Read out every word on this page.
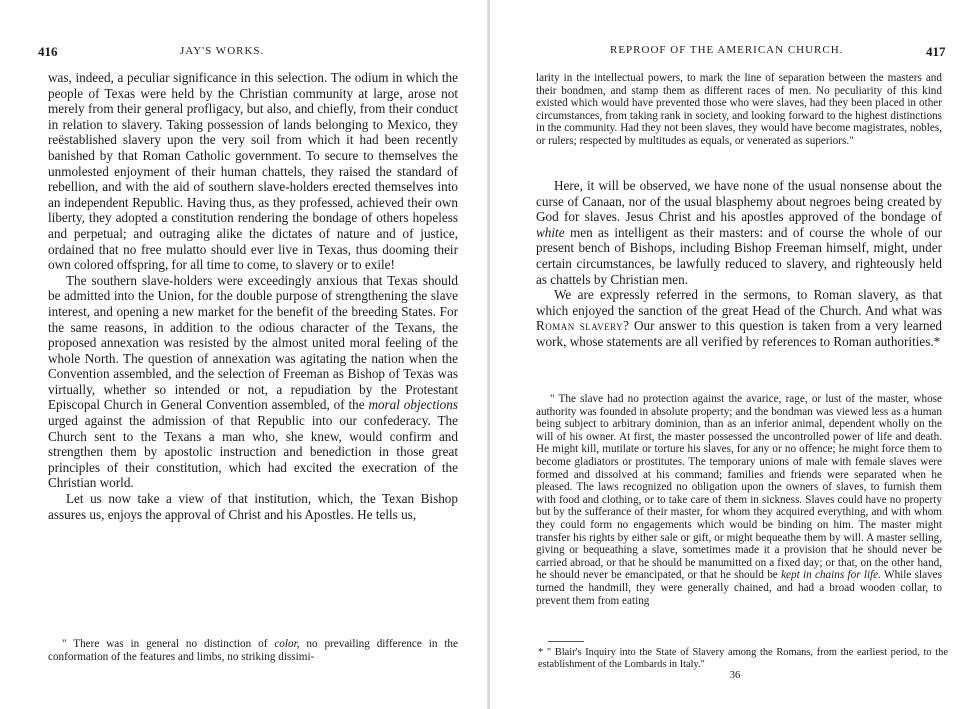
416	JAY'S WORKS.

was, indeed, a peculiar significance in this selection. The odium in which the people of Texas were held by the Christian community at large, arose not merely from their general profligacy, but also, and chiefly, from their conduct in relation to slavery. Taking possession of lands belonging to Mexico, they reëstablished slavery upon the very soil from which it had been recently banished by that Roman Catholic government. To secure to themselves the unmolested enjoyment of their human chattels, they raised the standard of rebellion, and with the aid of southern slave-holders erected themselves into an independent Republic. Having thus, as they professed, achieved their own liberty, they adopted a constitution rendering the bondage of others hopeless and perpetual; and outraging alike the dictates of nature and of justice, ordained that no free mulatto should ever live in Texas, thus dooming their own colored offspring, for all time to come, to slavery or to exile!

The southern slave-holders were exceedingly anxious that Texas should be admitted into the Union, for the double purpose of strengthening the slave interest, and opening a new market for the benefit of the breeding States. For the same reasons, in addition to the odious character of the Texans, the proposed annexation was resisted by the almost united moral feeling of the whole North. The question of annexation was agitating the nation when the Convention assembled, and the selection of Freeman as Bishop of Texas was virtually, whether so intended or not, a repudiation by the Protestant Episcopal Church in General Convention assembled, of the moral objections urged against the admission of that Republic into our confederacy. The Church sent to the Texans a man who, she knew, would confirm and strengthen them by apostolic instruction and benediction in those great principles of their constitution, which had excited the execration of the Christian world.

Let us now take a view of that institution, which, the Texan Bishop assures us, enjoys the approval of Christ and his Apostles. He tells us,

" There was in general no distinction of color, no prevailing difference in the conformation of the features and limbs, no striking dissimi-

REPROOF OF THE AMERICAN CHURCH.	417

larity in the intellectual powers, to mark the line of separation between the masters and their bondmen, and stamp them as different races of men. No peculiarity of this kind existed which would have prevented those who were slaves, had they been placed in other circumstances, from taking rank in society, and looking forward to the highest distinctions in the community. Had they not been slaves, they would have become magistrates, nobles, or rulers; respected by multitudes as equals, or venerated as superiors."

Here, it will be observed, we have none of the usual nonsense about the curse of Canaan, nor of the usual blasphemy about negroes being created by God for slaves. Jesus Christ and his apostles approved of the bondage of white men as intelligent as their masters: and of course the whole of our present bench of Bishops, including Bishop Freeman himself, might, under certain circumstances, be lawfully reduced to slavery, and righteously held as chattels by Christian men.

We are expressly referred in the sermons, to Roman slavery, as that which enjoyed the sanction of the great Head of the Church. And what was Roman slavery? Our answer to this question is taken from a very learned work, whose statements are all verified by references to Roman authorities.*

" The slave had no protection against the avarice, rage, or lust of the master, whose authority was founded in absolute property; and the bondman was viewed less as a human being subject to arbitrary dominion, than as an inferior animal, dependent wholly on the will of his owner. At first, the master possessed the uncontrolled power of life and death. He might kill, mutilate or torture his slaves, for any or no offence; he might force them to become gladiators or prostitutes. The temporary unions of male with female slaves were formed and dissolved at his command; families and friends were separated when he pleased. The laws recognized no obligation upon the owners of slaves, to furnish them with food and clothing, or to take care of them in sickness. Slaves could have no property but by the sufferance of their master, for whom they acquired everything, and with whom they could form no engagements which would be binding on him. The master might transfer his rights by either sale or gift, or might bequeathe them by will. A master selling, giving or bequeathing a slave, sometimes made it a provision that he should never be carried abroad, or that he should be manumitted on a fixed day; or that, on the other hand, he should never be emancipated, or that he should be kept in chains for life. While slaves turned the handmill, they were generally chained, and had a broad wooden collar, to prevent them from eating

* " Blair's Inquiry into the State of Slavery among the Romans, from the earliest period, to the establishment of the Lombards in Italy."
36
